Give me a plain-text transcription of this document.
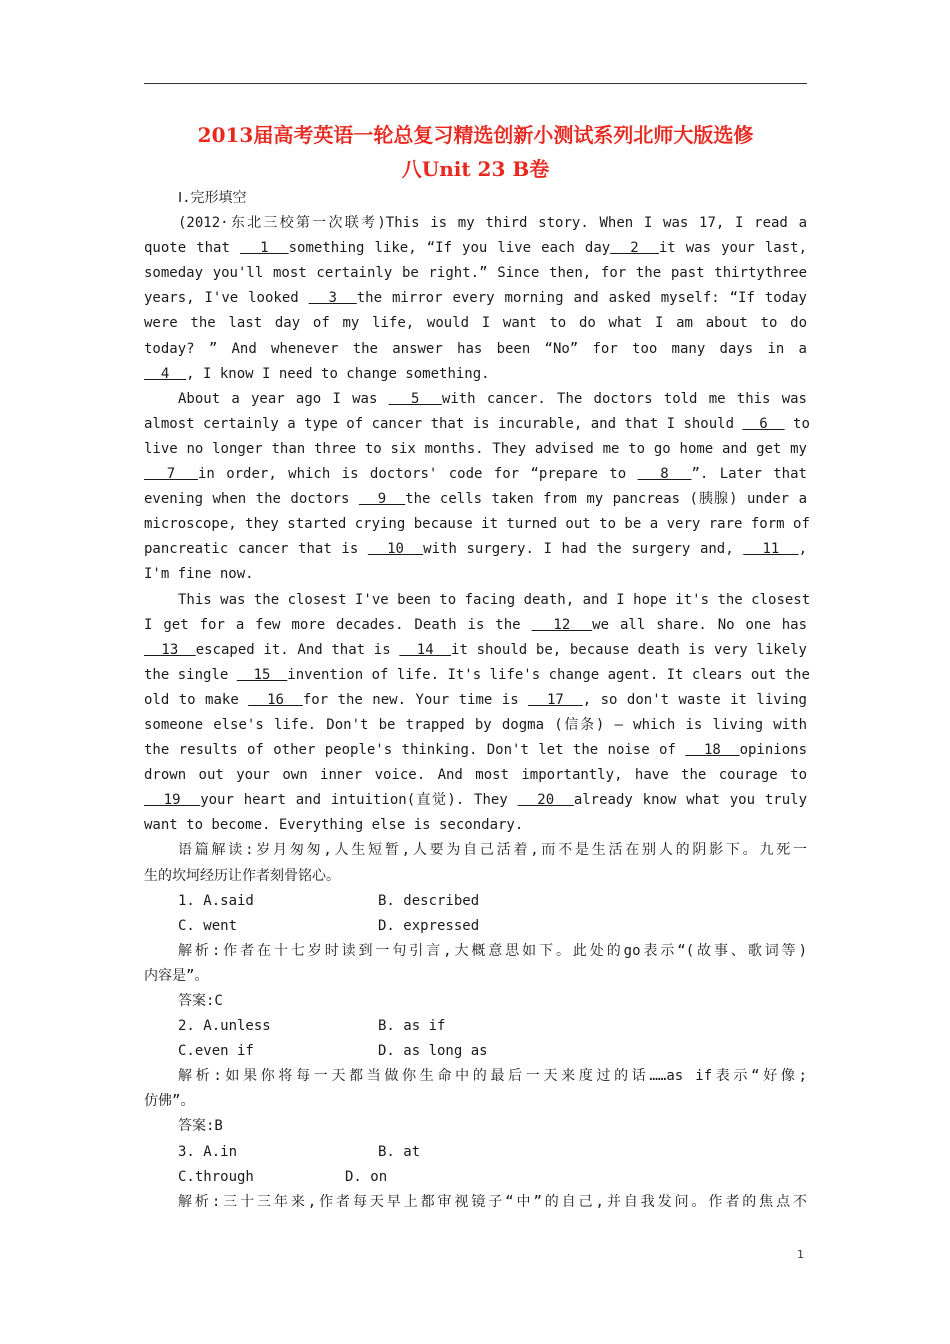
2013届高考英语一轮总复习精选创新小测试系列北师大版选修
八Unit 23 B卷
Ⅰ.完形填空
(2012·东北三校第一次联考)This is my third story. When I was 17, I read a
quote that   1  something like, “If you live each day  2  it was your last,
someday you'll most certainly be right.” Since then, for the past thirtythree
years, I've looked   3  the mirror every morning and asked myself: “If today
were the last day of my life, would I want to do what I am about to do
today? ” And whenever the answer has been “No” for too many days in a
4  , I know I need to change something.
About a year ago I was   5  with cancer. The doctors told me this was
almost certainly a type of cancer that is incurable, and that I should   6   to
live no longer than three to six months. They advised me to go home and get my
7  in order, which is doctors' code for “prepare to   8  ”. Later that
evening when the doctors   9  the cells taken from my pancreas (胰腺) under a
microscope, they started crying because it turned out to be a very rare form of
pancreatic cancer that is   10  with surgery. I had the surgery and,   11  ,
I'm fine now.
This was the closest I've been to facing death, and I hope it's the closest
I get for a few more decades. Death is the   12  we all share. No one has
13  escaped it. And that is   14  it should be, because death is very likely
the single   15  invention of life. It's life's change agent. It clears out the
old to make   16  for the new. Your time is   17  , so don't waste it living
someone else's life. Don't be trapped by dogma (信条) — which is living with
the results of other people's thinking. Don't let the noise of   18  opinions
drown out your own inner voice. And most importantly, have the courage to
19  your heart and intuition(直觉). They   20  already know what you truly
want to become. Everything else is secondary.
语篇解读:岁月匆匆,人生短暂,人要为自己活着,而不是生活在别人的阴影下。九死一
生的坎坷经历让作者刻骨铭心。
1. A.said	B. described
C. went	D. expressed
解析:作者在十七岁时读到一句引言,大概意思如下。此处的go表示“(故事、歌词等)
内容是”。
答案:C
2. A.unless	B. as if
C.even if	D. as long as
解析:如果你将每一天都当做你生命中的最后一天来度过的话……as if表示“好像;
仿佛”。
答案:B
3. A.in	B. at
C.through	D. on
解析:三十三年来,作者每天早上都审视镜子“中”的自己,并自我发问。作者的焦点不
1
